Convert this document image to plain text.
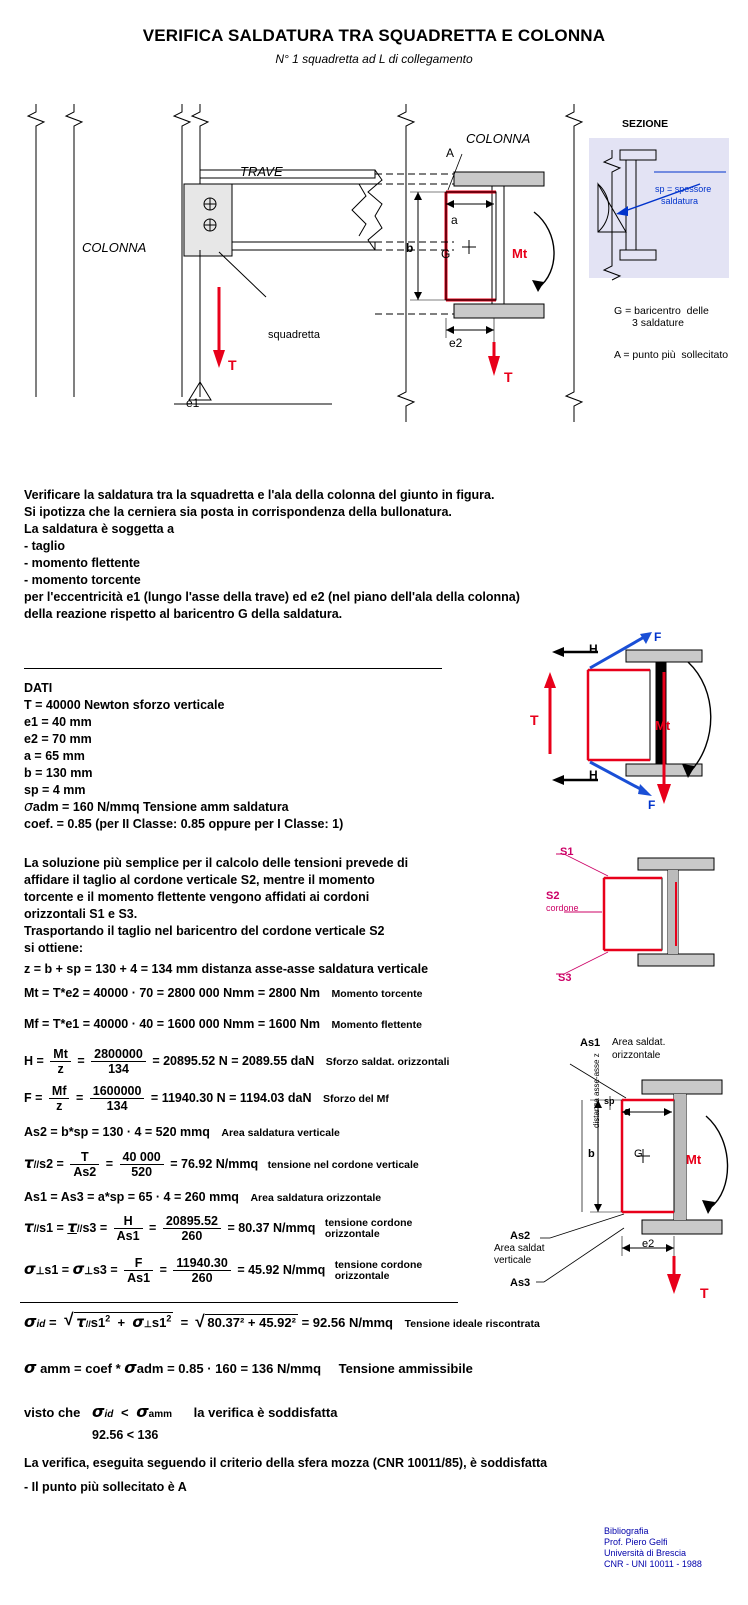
VERIFICA SALDATURA TRA SQUADRETTA E COLONNA
N° 1 squadretta ad L di collegamento
COLONNA
TRAVE
squadretta
T
e1
COLONNA
A
a
b G	Mt
e2
T
SEZIONE
sp = spessore
saldatura
G = baricentro  delle
3 saldature
A = punto più  sollecitato
Verificare la saldatura tra la squadretta e l'ala della colonna del giunto in figura.
Si ipotizza che la cerniera sia posta in corrispondenza della bullonatura.
La saldatura è soggetta a
- taglio
- momento flettente
- momento torcente
per l'eccentricità e1 (lungo l'asse della trave) ed e2 (nel piano dell'ala della colonna)
della reazione rispetto al baricentro G della saldatura.
DATI
T = 40000 Newton sforzo verticale
e1 = 40 mm
e2 = 70 mm
a = 65 mm
b = 130 mm
sp = 4 mm
σadm = 160 N/mmq Tensione amm saldatura
coef. = 0.85 (per II Classe: 0.85 oppure per I Classe: 1)
La soluzione più semplice per il calcolo delle tensioni prevede di
affidare il taglio al cordone verticale S2, mentre il momento
torcente e il momento flettente vengono affidati ai cordoni
orizzontali S1 e S3.
Trasportando il taglio nel baricentro del cordone verticale S2
si ottiene:
z = b + sp = 130 + 4 = 134 mm distanza asse-asse saldatura verticale
Mt = T*e2 = 40000 · 70 = 2800 000 Nmm = 2800 Nm Momento torcente
Mf = T*e1 = 40000 · 40 = 1600 000 Nmm = 1600 Nm Momento flettente
$H = \frac{Mt}{z} = \frac{2800000}{134} = 20895.52$ N = 2089.55 daN Sforzo saldat. orizzontali
$F = \frac{Mf}{z} = \frac{1600000}{134} = 11940.30$ N = 1194.03 daN Sforzo del Mf
As2 = b*sp = 130 · 4 = 520 mmq Area saldatura verticale
$\tau//s2 = \frac{T}{As2} = \frac{40 000}{520} = 76.92$ N/mmq tensione nel cordone verticale
As1 = As3 = a*sp = 65 · 4 = 260 mmq Area saldatura orizzontale
$\tau//s1 = \tau//s3 = \frac{H}{As1} = \frac{20895.52}{260} = 80.37$ N/mmq tensione cordone
orizzontale
σ⊥s1 = σ⊥s3 = $\frac{F}{As1} = \frac{11940.30}{260} = 45.92$ N/mmq tensione cordone
orizzontale
σid = √ $\tau//s1^2$  +  $\sigma\perp s1^2$  =  √ 80.37² + 45.92² = 92.56 N/mmq Tensione ideale riscontrata
σ amm = coef * σadm = 0.85 · 160 = 136 N/mmq Tensione ammissibile
visto che σid < σamm la verifica è soddisfatta
92.56 < 136
La verifica, eseguita seguendo il criterio della sfera mozza (CNR 10011/85), è soddisfatta
- Il punto più sollecitato è A
F
F
H
H
T	Mt
S1
S2
cordone
S3
As1 Area saldat.
orizzontale
a
b
sp
distanza asse-asse z
G	Mt
e2
T
As2
Area saldat
verticale
As3
Bibliografia
Prof. Piero Gelfi
Università di Brescia
CNR - UNI 10011 - 1988
